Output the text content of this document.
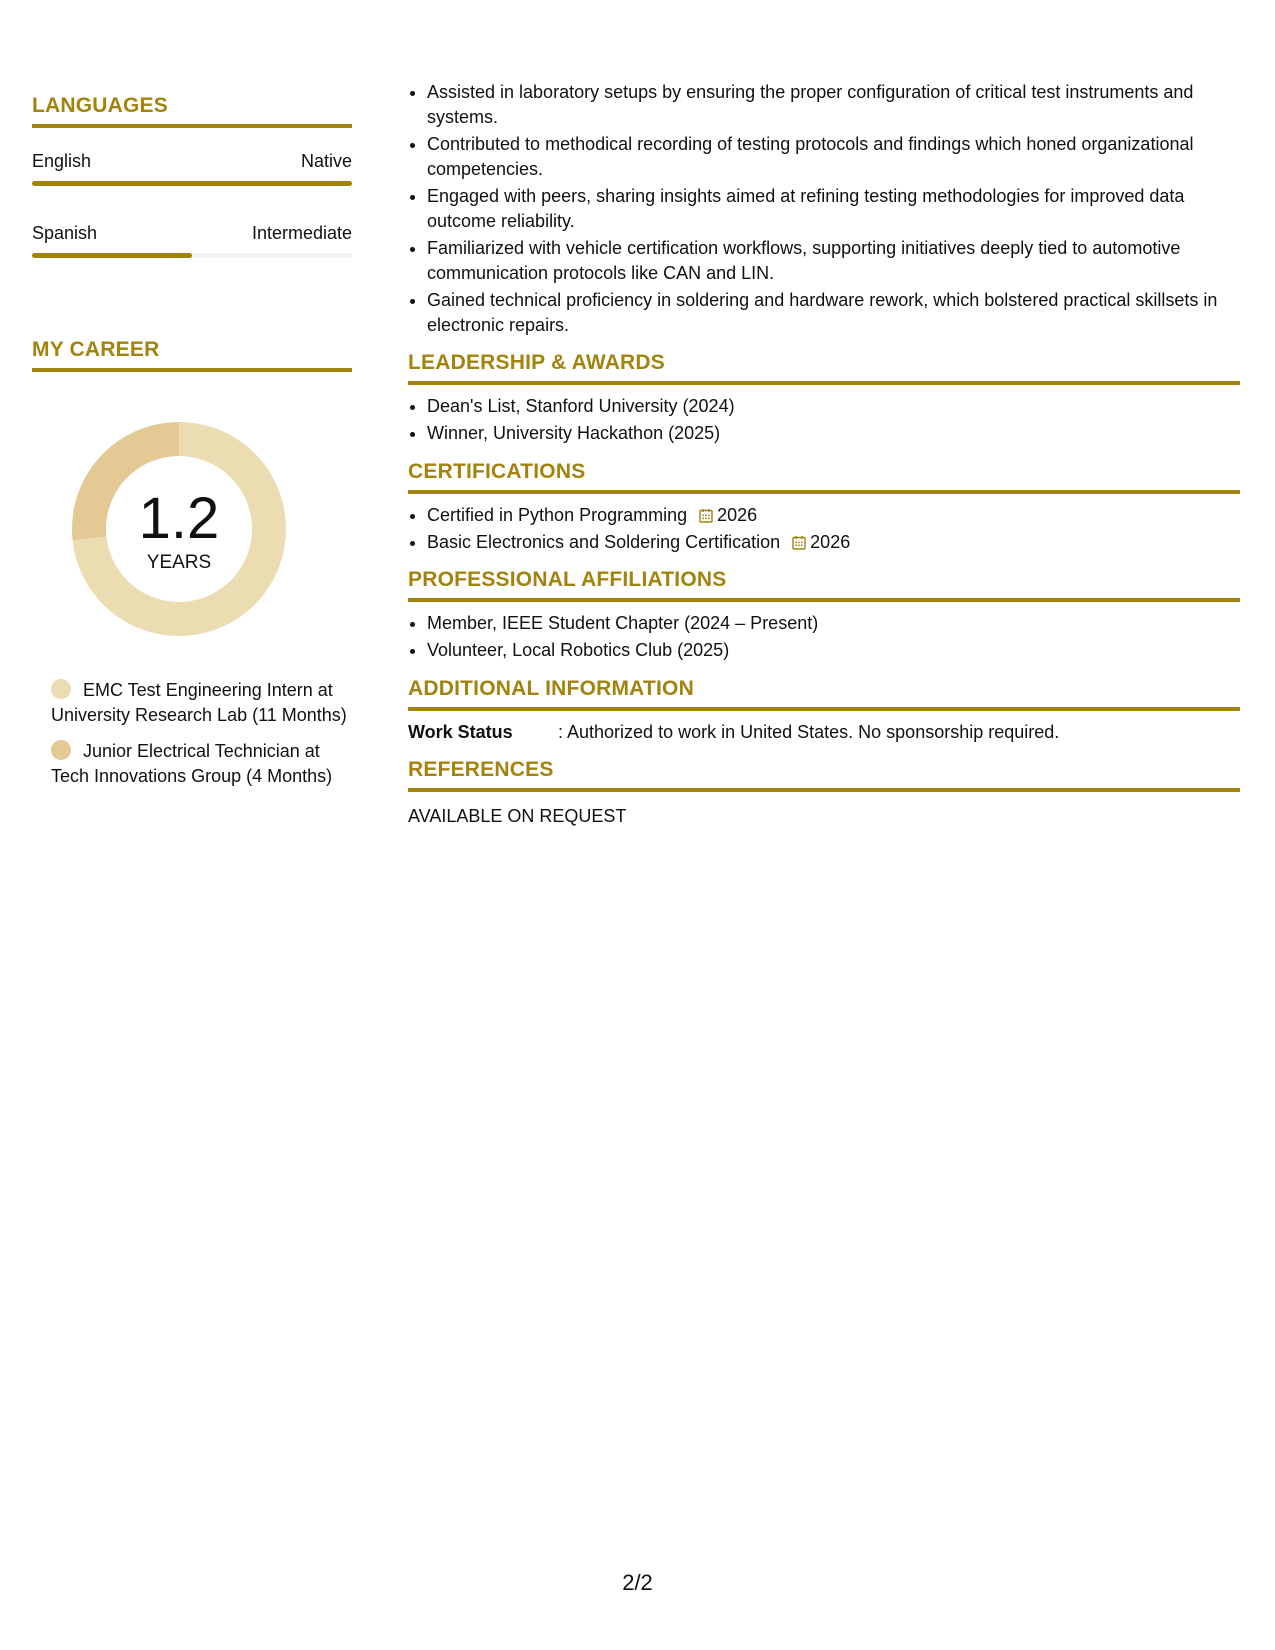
LANGUAGES
English	Native
Spanish	Intermediate
MY CAREER
1.2
YEARS
EMC Test Engineering Intern at University Research Lab (11 Months)
Junior Electrical Technician at Tech Innovations Group (4 Months)
• Assisted in laboratory setups by ensuring the proper configuration of critical test instruments and systems.
• Contributed to methodical recording of testing protocols and findings which honed organizational competencies.
• Engaged with peers, sharing insights aimed at refining testing methodologies for improved data outcome reliability.
• Familiarized with vehicle certification workflows, supporting initiatives deeply tied to automotive communication protocols like CAN and LIN.
• Gained technical proficiency in soldering and hardware rework, which bolstered practical skillsets in electronic repairs.
LEADERSHIP & AWARDS
• Dean's List, Stanford University (2024)
• Winner, University Hackathon (2025)
CERTIFICATIONS
• Certified in Python Programming 2026
• Basic Electronics and Soldering Certification 2026
PROFESSIONAL AFFILIATIONS
• Member, IEEE Student Chapter (2024 – Present)
• Volunteer, Local Robotics Club (2025)
ADDITIONAL INFORMATION
Work Status	: Authorized to work in United States. No sponsorship required.
REFERENCES
AVAILABLE ON REQUEST
2/2
